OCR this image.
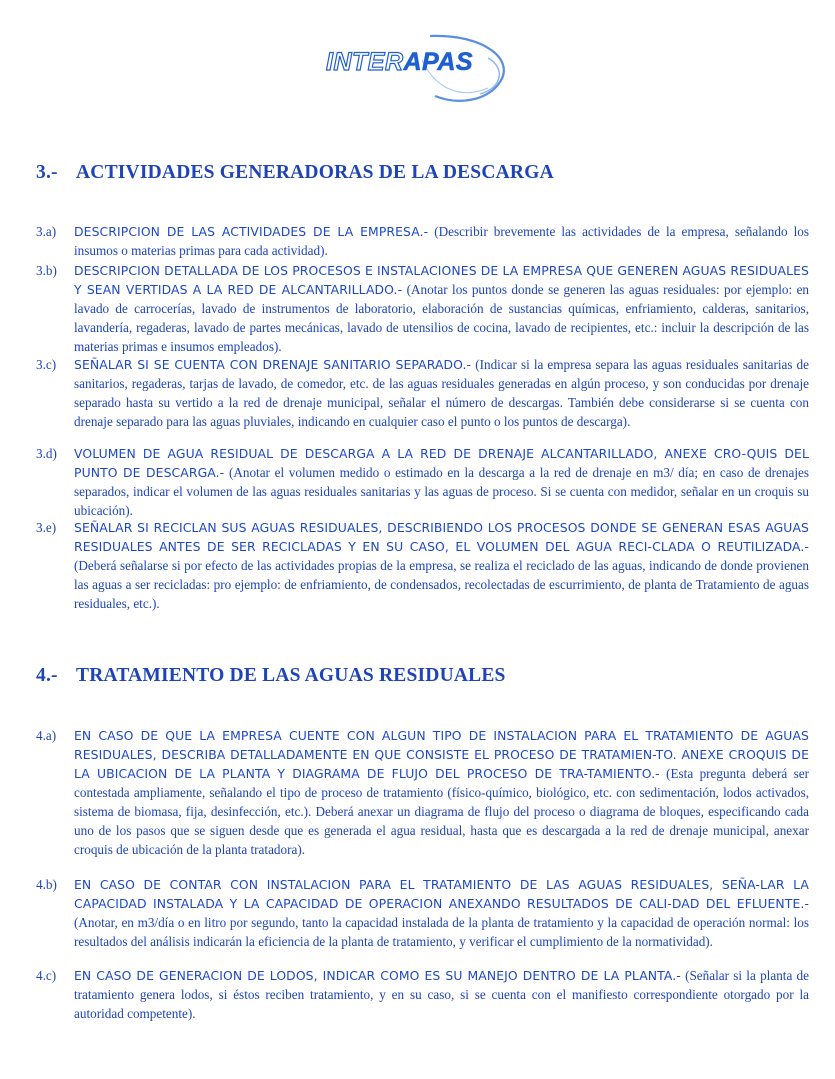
INTERAPAS
3.- ACTIVIDADES GENERADORAS DE LA DESCARGA
3.a)	DESCRIPCION DE LAS ACTIVIDADES DE LA EMPRESA.- (Describir brevemente las actividades de la empresa, señalando los insumos o materias primas para cada actividad).
3.b)	DESCRIPCION DETALLADA DE LOS PROCESOS E INSTALACIONES DE LA EMPRESA QUE GENEREN AGUAS RESIDUALES Y SEAN VERTIDAS A LA RED DE ALCANTARILLADO.- (Anotar los puntos donde se generen las aguas residuales: por ejemplo: en lavado de carrocerías, lavado de instrumentos de laboratorio, elaboración de sustancias químicas, enfriamiento, calderas, sanitarios, lavandería, regaderas, lavado de partes mecánicas, lavado de utensilios de cocina, lavado de recipientes, etc.: incluir la descripción de las materias primas e insumos empleados).
3.c)	SEÑALAR SI SE CUENTA CON DRENAJE SANITARIO SEPARADO.- (Indicar si la empresa separa las aguas residuales sanitarias de sanitarios, regaderas, tarjas de lavado, de comedor, etc. de las aguas residuales generadas en algún proceso, y son conducidas por drenaje separado hasta su vertido a la red de drenaje municipal, señalar el número de descargas. También debe considerarse si se cuenta con drenaje separado para las aguas pluviales, indicando en cualquier caso el punto o los puntos de descarga).
3.d)	VOLUMEN DE AGUA RESIDUAL DE DESCARGA A LA RED DE DRENAJE ALCANTARILLADO, ANEXE CRO-QUIS DEL PUNTO DE DESCARGA.- (Anotar el volumen medido o estimado en la descarga a la red de drenaje en m3/ día; en caso de drenajes separados, indicar el volumen de las aguas residuales sanitarias y las aguas de proceso. Si se cuenta con medidor, señalar en un croquis su ubicación).
3.e)	SEÑALAR SI RECICLAN SUS AGUAS RESIDUALES, DESCRIBIENDO LOS PROCESOS DONDE SE GENERAN ESAS AGUAS RESIDUALES ANTES DE SER RECICLADAS Y EN SU CASO, EL VOLUMEN DEL AGUA RECI-CLADA O REUTILIZADA.- (Deberá señalarse si por efecto de las actividades propias de la empresa, se realiza el reciclado de las aguas, indicando de donde provienen las aguas a ser recicladas: pro ejemplo: de enfriamiento, de condensados, recolectadas de escurrimiento, de planta de Tratamiento de aguas residuales, etc.).
4.- TRATAMIENTO DE LAS AGUAS RESIDUALES
4.a)	EN CASO DE QUE LA EMPRESA CUENTE CON ALGUN TIPO DE INSTALACION PARA EL TRATAMIENTO DE AGUAS RESIDUALES, DESCRIBA DETALLADAMENTE EN QUE CONSISTE EL PROCESO DE TRATAMIEN-TO. ANEXE CROQUIS DE LA UBICACION DE LA PLANTA Y DIAGRAMA DE FLUJO DEL PROCESO DE TRA-TAMIENTO.- (Esta pregunta deberá ser contestada ampliamente, señalando el tipo de proceso de tratamiento (físico-químico, biológico, etc. con sedimentación, lodos activados, sistema de biomasa, fija, desinfección, etc.). Deberá anexar un diagrama de flujo del proceso o diagrama de bloques, especificando cada uno de los pasos que se siguen desde que es generada el agua residual, hasta que es descargada a la red de drenaje municipal, anexar croquis de ubicación de la planta tratadora).
4.b)	EN CASO DE CONTAR CON INSTALACION PARA EL TRATAMIENTO DE LAS AGUAS RESIDUALES, SEÑA-LAR LA CAPACIDAD INSTALADA Y LA CAPACIDAD DE OPERACION ANEXANDO RESULTADOS DE CALI-DAD DEL EFLUENTE.- (Anotar, en m3/día o en litro por segundo, tanto la capacidad instalada de la planta de tratamiento y la capacidad de operación normal: los resultados del análisis indicarán la eficiencia de la planta de tratamiento, y verificar el cumplimiento de la normatividad).
4.c)	EN CASO DE GENERACION DE LODOS, INDICAR COMO ES SU MANEJO DENTRO DE LA PLANTA.- (Señalar si la planta de tratamiento genera lodos, si éstos reciben tratamiento, y en su caso, si se cuenta con el manifiesto correspondiente otorgado por la autoridad competente).
